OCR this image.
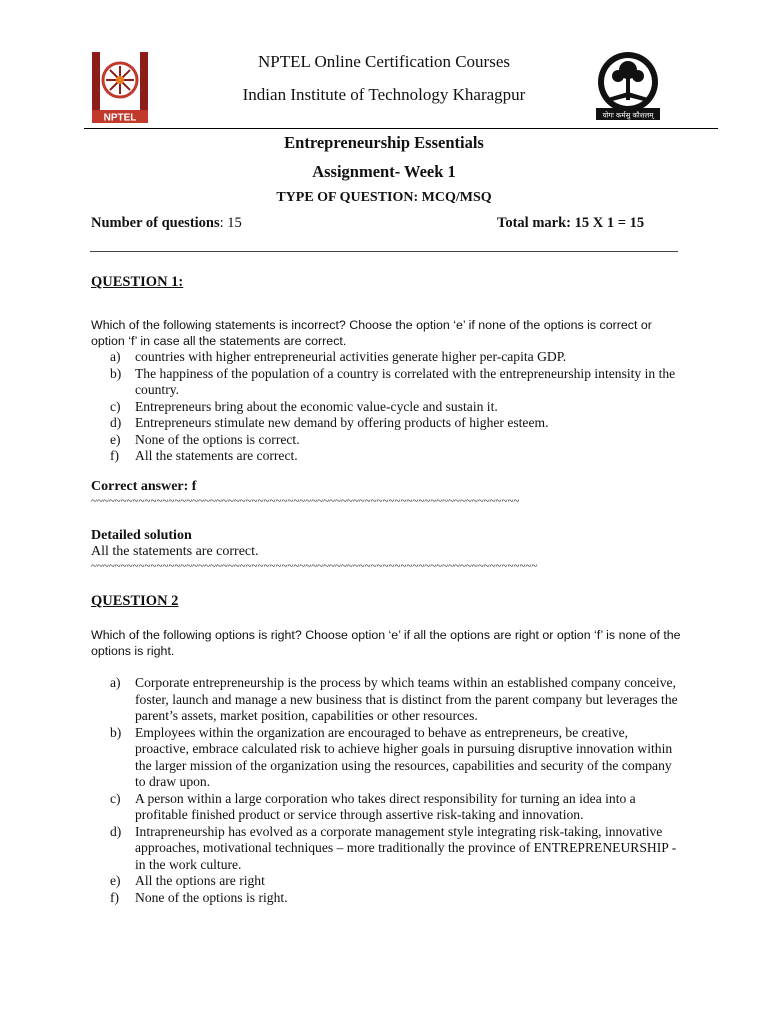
NPTEL
NPTEL Online Certification Courses
Indian Institute of Technology Kharagpur
योगः कर्मसु कौशलम्
Entrepreneurship Essentials
Assignment- Week 1
TYPE OF QUESTION: MCQ/MSQ
Number of questions: 15	Total mark: 15 X 1 = 15
QUESTION 1:
Which of the following statements is incorrect? Choose the option ‘e’ if none of the options is correct or option ‘f’ in case all the statements are correct.
a) countries with higher entrepreneurial activities generate higher per-capita GDP.
b) The happiness of the population of a country is correlated with the entrepreneurship intensity in the country.
c) Entrepreneurs bring about the economic value-cycle and sustain it.
d) Entrepreneurs stimulate new demand by offering products of higher esteem.
e) None of the options is correct.
f) All the statements are correct.
Correct answer: f
~~~~~~~~~~~~~~~~~~~~~~~~~~~~~~~~~~~~~~~~~~~~~~~~~~~~~~~~~~~~~~~~~~~~~~~~
Detailed solution
All the statements are correct.
~~~~~~~~~~~~~~~~~~~~~~~~~~~~~~~~~~~~~~~~~~~~~~~~~~~~~~~~~~~~~~~~~~~~~~~~~~~
QUESTION 2
Which of the following options is right? Choose option ‘e’ if all the options are right or option ‘f’ is none of the options is right.
a) Corporate entrepreneurship is the process by which teams within an established company conceive, foster, launch and manage a new business that is distinct from the parent company but leverages the parent’s assets, market position, capabilities or other resources.
b) Employees within the organization are encouraged to behave as entrepreneurs, be creative, proactive, embrace calculated risk to achieve higher goals in pursuing disruptive innovation within the larger mission of the organization using the resources, capabilities and security of the company to draw upon.
c) A person within a large corporation who takes direct responsibility for turning an idea into a profitable finished product or service through assertive risk-taking and innovation.
d) Intrapreneurship has evolved as a corporate management style integrating risk-taking, innovative approaches, motivational techniques – more traditionally the province of ENTREPRENEURSHIP - in the work culture.
e) All the options are right
f) None of the options is right.
